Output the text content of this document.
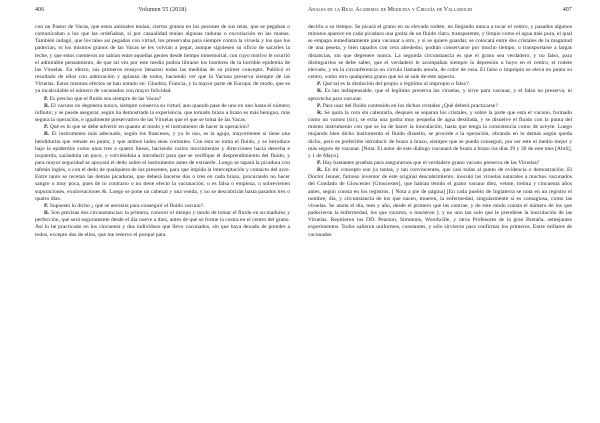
406	Volumen 55 (2018)

con un Pastor de Vacas, que estos animales tenían, ciertos granos en los pezones de sus tetas, que se pegaban o comunicaban a los que las ordeñaban, si por casualidad tenían algunas raduras o excoriación en las manos. También indagó, que los tales así pegados con virtud, los preservaba para siempre contra la viruela y los que los padecían, ni los mismos granos de las Vacas se les volvían a pegar, aunque siguiesen su oficio de sacarles la leche, y que estos cuenteros no sabían entre aquellas gentes desde tiempo inmemorial, con cuyo motivo le ocurrió el admirable pensamiento, de que tal vez por este medio podría librarse los hombres de la horrible epidemia de las Viruelas. En efecto, sus primeros ensayos llenaron todas las medidas de su primer concepto. Publicó el resultado de ellos con admiración y aplauso de todos, haciendo ver que la Vacuna preserva siempre de las Viruelas. Estos mismos efectos se han notado en: Ginebra, Francia, y la mayor parte de Europa; de modo, que es ya incalculable el número de vacunados con mayor felicidad.

P. Es preciso que el fluido sea siempre de las Vacas?

R. El vacuno no degenera nunca, siempre conserva su virtud, aun quando pase de uno en uno hasta el número infinito; y se puede asegurar, según ha demostrado la experiencia, que tomado brazo a brazo es más benigno, más segura la operación, e igualmente preservativo de las Viruelas que el que se toma de las Vacas.

P. Qué es lo que se debe advertir en quanto al modo y el instrumento de hacer la operación?

R. El instrumento más adecuado, según los franceses, y yo le uso, es la aguja, mayormente si tiene una hendidurita que remate en punta, y que ambos lados sean cortantes. Con ésta se toma el fluido, y se introduce bajo la epidermis como unas tres o quatro líneas, haciendo varios movimientos y direcciones hacia derecha e izquierda, sacándola un poco, y volviéndola a introducir para que se verifique el desprendimiento del fluido, y para mayor seguridad se apoyará el dedo sobre el instrumento antes de extraerle. Luego se tapará la picadura con tafetán inglés, o con el dedo de qualquiera de los presentes, para que impida la interceptación y contacto del ayre. Entre tanto se recetan las demás picaduras, que deberá hacerse dos o tres en cada brazo, procurando no hacer sangre o muy poca, pues de lo contrario o no tiene efecto la vacunación, o es falsa o empieza, o sobrevienen supuraciones, exulceraciones &. Luego se pone un cabezal y una venda, y no se descubrirán hasta pasados tres o quatro días.

P. Supuesto lo dicho ¿ qué se necesita para conseguir el fluido vacuno?.

R. Son precisas dos circunstancias: la primera, conocer el tiempo y modo de tomar el fluido en su madurez y perfección, que será seguramente desde el día nueve a diez, antes de que se forme la costra en el centro del grano. Así lo he practicado en los cincuenta y dos individuos que llevo vacunados, sin que haya dexado de prender a todos, excepto dos de ellos, que me reservo el porqué para

Anales de la Real Academia de Medicina y Cirugía de Valladolid	407

decirlo a su tiempo. Se picará el grano en su elevado rodete, no llegando nunca a tocar el centro, y pasados algunos minutos aparece en cada picadura una gotita de un fluido claro, transparente, y limpio como el agua más pura, el qual se empapa inmediatamente para vacunar a otro, y si se quiere guardar, se colocará entre dos cristales de la magnitud de una peseta, y bien tapados con cera alrededor, podrán conservarse por mucho tiempo, o transportarse a largas distancias, sin que degenere nunca. La segunda circunstancia es que el grano sea verdadero, y no falso, para distinguirlos se debe saber, que el verdadero le acompañan siempre la depresión u hoyo en el centro, el rodete elevado, y en la circunferencia un círculo llamado areola, de color de rosa. El falso o impropio se eleva en punta su centro, como otro qualquiera grano que no se sale de este aspecto.

P. Qué tal es la distinción del propio o legítimo al impropio o falso?.

R. Es tan indispensable, que el legítimo preserva las viruelas, y sirve para vacunar, y el falso no preserva, ni aprovecha para vacunar.

P. Para usar del fluido contenido en los dichos cristales ¿Qué deberá practicarse?

R. Se quita la cera sin calentarla, después se separan los cristales, y sobre la parte que está el vacuno, formado como un varnez (sic), se echa una gotita muy pequeña de agua destilada, y se disuelve el fluido con la punta del mismo instrumento con que se ha de hacer la inoculación, hasta que tenga la consistencia como de aceyte. Luego mojando bien dicho instrumento el fluido disuelto, se procede a la operación, obrando en lo demás según queda dicho, pero es preferible introducir de brazo a brazo, siempre que se pueda conseguir, por ser este el medio mejor y más seguro de vacunar. [Nota. El autor de este diálogo vacunará de brazo a brazo los días 29 y 30 de este mes [Abril], y 1 de Mayo].

P. Hay bastantes pruebas para asegurarnos que el verdadero grano vacuno preserva de las Viruelas?

R. En mi concepto son ya tantas, y tan convincentes, que casi todas al punto de evidencia o demostración. El Doctor Jenner, famoso inventor de este original descubrimiento, inoculó las viruelas naturales a muchos vacunados del Condado de Gloscester [Gloucester], que habían tenido el grano vacuno diez, veinte, treinta y cincuenta años antes, según consta en los registros. [ Nota a pie de página] [En cada pueblo de Inglaterra se nota en un registro el nombre, día, y circunstancia de los que nacen, mueren, la enfermedad, singularmente si es contagiosa, como las viruelas. Se anota el día, mes y año, desde el primero que las contrae, y de este modo consta el número de los que padecieron la enfermedad, los que curaron, o murieron ]. y no uno tan solo que le prendiese la inoculación de las Viruelas. Repitieron los DD. Pearson, Simmons, Woodwille, y otros Profesores de la gran Bretaña, semejantes experimentos. Todos salieron uniformes, constantes, y sólo sirvieron para confirmar los primeros. Entre millares de vacunados
